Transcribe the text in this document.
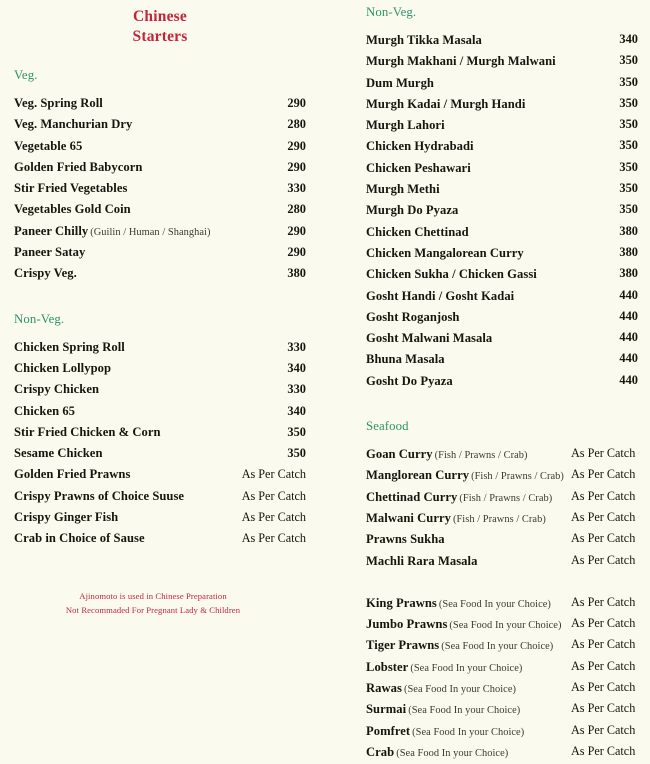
Chinese
Starters
Veg.
Veg. Spring Roll	290
Veg. Manchurian Dry	280
Vegetable 65	290
Golden Fried Babycorn	290
Stir Fried Vegetables	330
Vegetables Gold Coin	280
Paneer Chilly (Guilin / Human / Shanghai)	290
Paneer Satay	290
Crispy Veg.	380
Non-Veg.
Chicken Spring Roll	330
Chicken Lollypop	340
Crispy Chicken	330
Chicken 65	340
Stir Fried Chicken & Corn	350
Sesame Chicken	350
Golden Fried Prawns	As Per Catch
Crispy Prawns of Choice Suuse	As Per Catch
Crispy Ginger Fish	As Per Catch
Crab in Choice of Sause	As Per Catch
Non-Veg.
Murgh Tikka Masala	340
Murgh Makhani / Murgh Malwani	350
Dum Murgh	350
Murgh Kadai / Murgh Handi	350
Murgh Lahori	350
Chicken Hydrabadi	350
Chicken Peshawari	350
Murgh Methi	350
Murgh Do Pyaza	350
Chicken Chettinad	380
Chicken Mangalorean Curry	380
Chicken Sukha / Chicken Gassi	380
Gosht Handi / Gosht Kadai	440
Gosht Roganjosh	440
Gosht Malwani Masala	440
Bhuna Masala	440
Gosht Do Pyaza	440
Seafood
Goan Curry (Fish / Prawns / Crab)	As Per Catch
Manglorean Curry (Fish / Prawns / Crab) As Per Catch
Chettinad Curry (Fish / Prawns / Crab) As Per Catch
Malwani Curry (Fish / Prawns / Crab) As Per Catch
Prawns Sukha	As Per Catch
Machli Rara Masala	As Per Catch
King Prawns (Sea Food In your Choice) As Per Catch
Jumbo Prawns (Sea Food In your Choice) As Per Catch
Tiger Prawns (Sea Food In your Choice) As Per Catch
Lobster (Sea Food In your Choice)	As Per Catch
Rawas (Sea Food In your Choice)	As Per Catch
Surmai (Sea Food In your Choice)	As Per Catch
Pomfret (Sea Food In your Choice)	As Per Catch
Crab (Sea Food In your Choice)	As Per Catch
Ajinomoto is used in Chinese Preparation
Not Recommaded For Pregnant Lady & Children
